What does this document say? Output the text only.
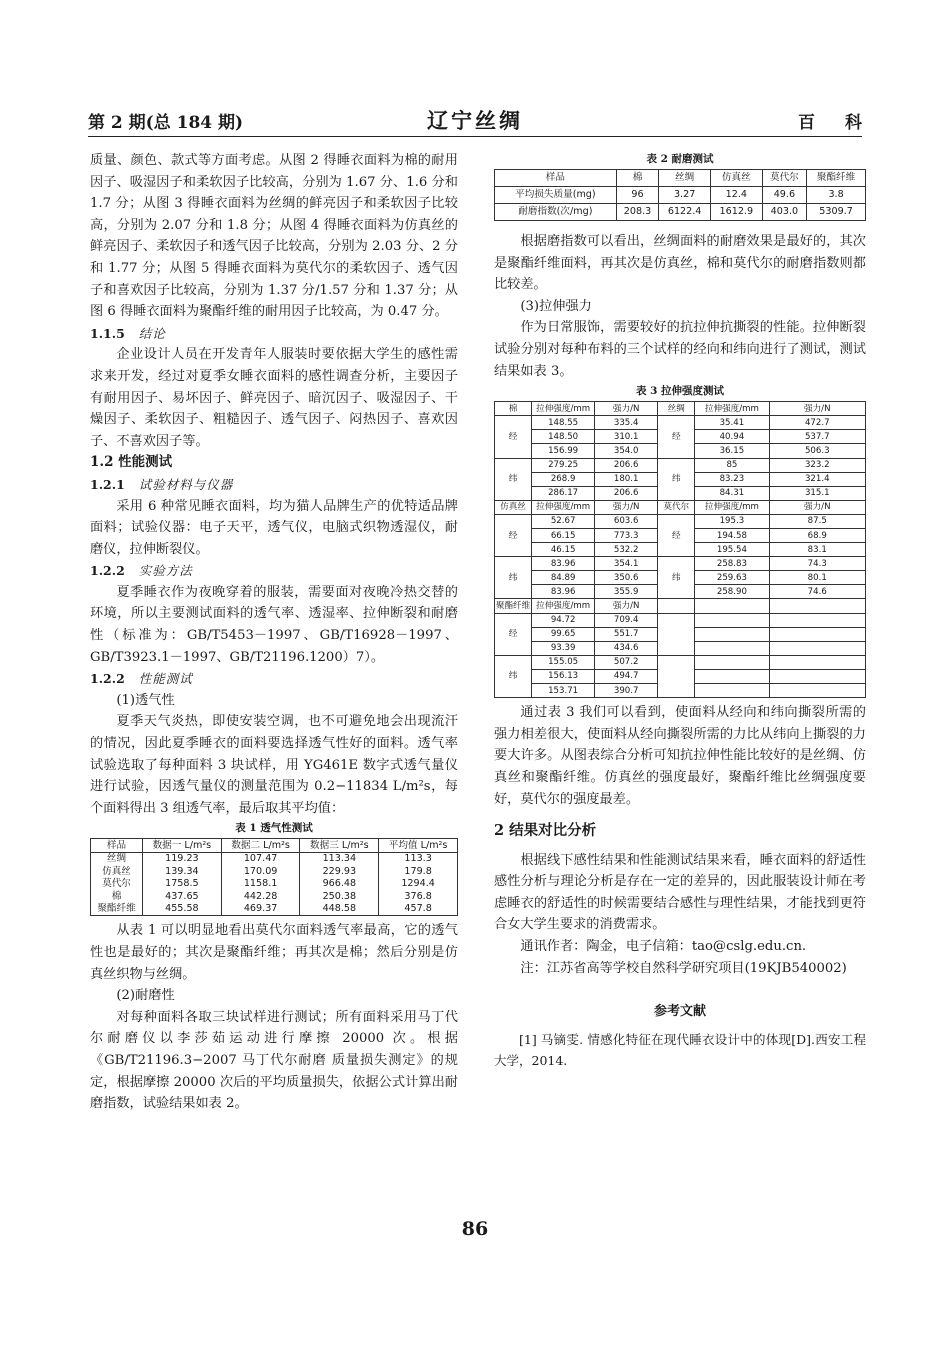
第 2 期(总 184 期)	辽宁丝绸	百科

质量、颜色、款式等方面考虑。从图 2 得睡衣面料为棉的耐用因子、吸湿因子和柔软因子比较高，分别为 1.67 分、1.6 分和 1.7 分；从图 3 得睡衣面料为丝绸的鲜亮因子和柔软因子比较高，分别为 2.07 分和 1.8 分；从图 4 得睡衣面料为仿真丝的鲜亮因子、柔软因子和透气因子比较高，分别为 2.03 分、2 分和 1.77 分；从图 5 得睡衣面料为莫代尔的柔软因子、透气因子和喜欢因子比较高，分别为 1.37 分/1.57 分和 1.37 分；从图 6 得睡衣面料为聚酯纤维的耐用因子比较高，为 0.47 分。

1.1.5 结论

企业设计人员在开发青年人服装时要依据大学生的感性需求来开发，经过对夏季女睡衣面料的感性调查分析，主要因子有耐用因子、易坏因子、鲜亮因子、暗沉因子、吸湿因子、干燥因子、柔软因子、粗糙因子、透气因子、闷热因子、喜欢因子、不喜欢因子等。

1.2 性能测试

1.2.1 试验材料与仪器

采用 6 种常见睡衣面料，均为猫人品牌生产的优特适品牌面料；试验仪器：电子天平，透气仪，电脑式织物透湿仪，耐磨仪，拉伸断裂仪。

1.2.2 实验方法

夏季睡衣作为夜晚穿着的服装，需要面对夜晚冷热交替的环境，所以主要测试面料的透气率、透湿率、拉伸断裂和耐磨性（标准为：GB/T5453－1997、GB/T16928－1997、GB/T3923.1－1997、GB/T21196.1200）7）。

1.2.2 性能测试

(1)透气性

夏季天气炎热，即使安装空调，也不可避免地会出现流汗的情况，因此夏季睡衣的面料要选择透气性好的面料。透气率试验选取了每种面料 3 块试样，用 YG461E 数字式透气量仪进行试验，因透气量仪的测量范围为 0.2−11834 L/m²s，每个面料得出 3 组透气率，最后取其平均值：

表 1 透气性测试

样品	数据一 L/m²s	数据二 L/m²s	数据三 L/m²s	平均值 L/m²s
丝绸	119.23	107.47	113.34	113.3
仿真丝	139.34	170.09	229.93	179.8
莫代尔	1758.5	1158.1	966.48	1294.4
棉	437.65	442.28	250.38	376.8
聚酯纤维	455.58	469.37	448.58	457.8

从表 1 可以明显地看出莫代尔面料透气率最高，它的透气性也是最好的；其次是聚酯纤维；再其次是棉；然后分别是仿真丝织物与丝绸。

(2)耐磨性

对每种面料各取三块试样进行测试；所有面料采用马丁代尔耐磨仪以李莎茹运动进行摩擦 20000 次。根据《GB/T21196.3−2007 马丁代尔耐磨 质量损失测定》的规定，根据摩擦 20000 次后的平均质量损失，依据公式计算出耐磨指数，试验结果如表 2。

表 2 耐磨测试

样品	棉	丝绸	仿真丝	莫代尔	聚酯纤维
平均损失质量(mg)	96	3.27	12.4	49.6	3.8
耐磨指数(次/mg)	208.3	6122.4	1612.9	403.0	5309.7

根据磨指数可以看出，丝绸面料的耐磨效果是最好的，其次是聚酯纤维面料，再其次是仿真丝，棉和莫代尔的耐磨指数则都比较差。

(3)拉伸强力

作为日常服饰，需要较好的抗拉伸抗撕裂的性能。拉伸断裂试验分别对每种布料的三个试样的经向和纬向进行了测试，测试结果如表 3。

表 3 拉伸强度测试

棉	拉伸强度/mm	强力/N	丝绸	拉伸强度/mm	强力/N
经	148.55	335.4	经	35.41	472.7
	148.50	310.1		40.94	537.7
	156.99	354.0		36.15	506.3
纬	279.25	206.6	纬	85	323.2
	268.9	180.1		83.23	321.4
	286.17	206.6		84.31	315.1
仿真丝	拉伸强度/mm	强力/N	莫代尔	拉伸强度/mm	强力/N
经	52.67	603.6	经	195.3	87.5
	66.15	773.3		194.58	68.9
	46.15	532.2		195.54	83.1
纬	83.96	354.1	纬	258.83	74.3
	84.89	350.6		259.63	80.1
	83.96	355.9		258.90	74.6
聚酯纤维	拉伸强度/mm	强力/N			
经	94.72	709.4			
	99.65	551.7			
	93.39	434.6			
纬	155.05	507.2			
	156.13	494.7			
	153.71	390.7			

通过表 3 我们可以看到，使面料从经向和纬向撕裂所需的强力相差很大，使面料从经向撕裂所需的力比从纬向上撕裂的力要大许多。从图表综合分析可知抗拉伸性能比较好的是丝绸、仿真丝和聚酯纤维。仿真丝的强度最好，聚酯纤维比丝绸强度要好，莫代尔的强度最差。

2 结果对比分析

根据线下感性结果和性能测试结果来看，睡衣面料的舒适性感性分析与理论分析是存在一定的差异的，因此服装设计师在考虑睡衣的舒适性的时候需要结合感性与理性结果，才能找到更符合女大学生要求的消费需求。

通讯作者：陶金，电子信箱：tao@cslg.edu.cn.

注：江苏省高等学校自然科学研究项目(19KJB540002)

参考文献

[1] 马镝雯. 情感化特征在现代睡衣设计中的体现[D].西安工程大学，2014.

86
